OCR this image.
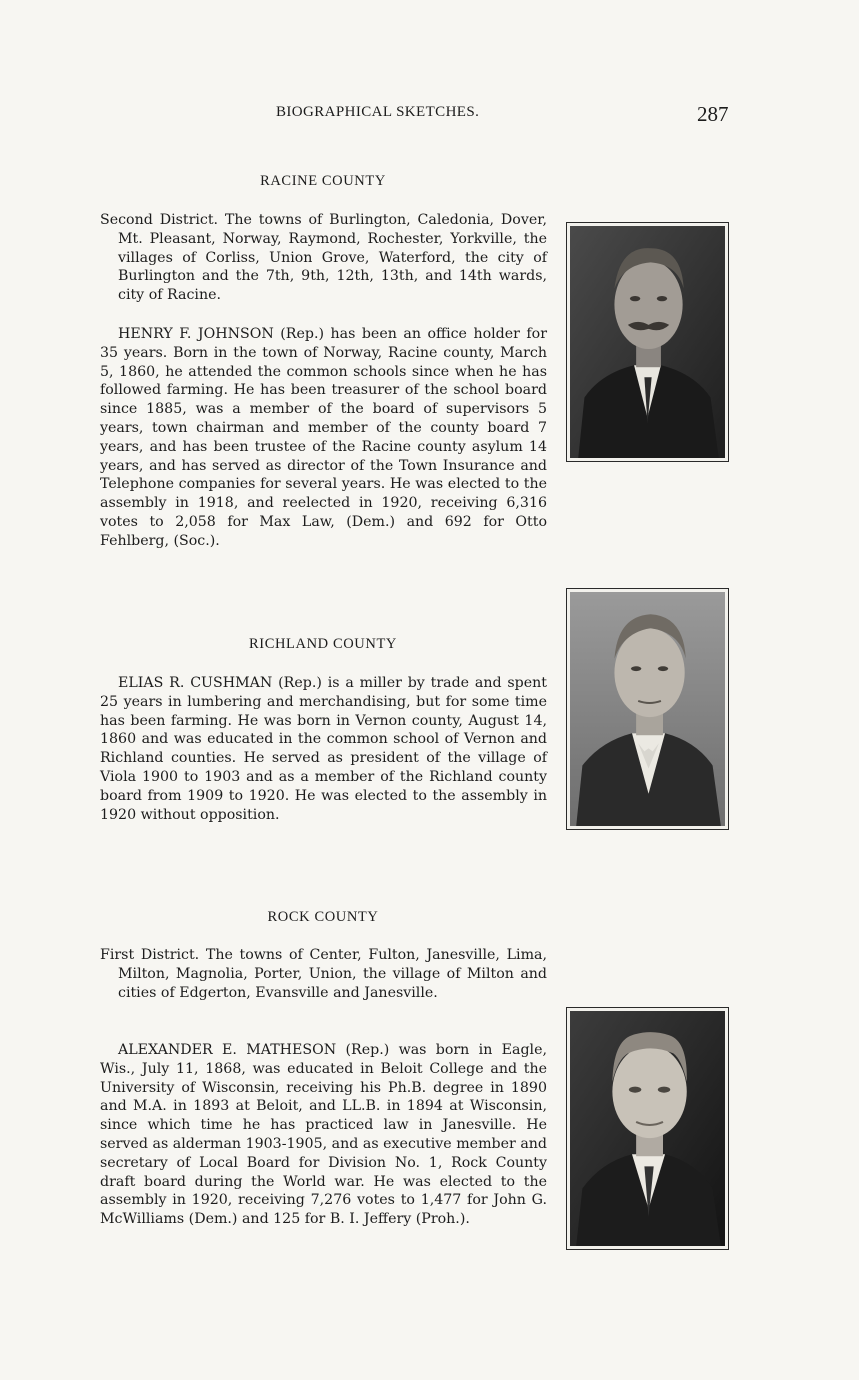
BIOGRAPHICAL SKETCHES.	287
RACINE COUNTY

Second District. The towns of Burlington, Caledonia, Dover, Mt. Pleasant, Norway, Raymond, Rochester, Yorkville, the villages of Corliss, Union Grove, Waterford, the city of Burlington and the 7th, 9th, 12th, 13th, and 14th wards, city of Racine.

HENRY F. JOHNSON (Rep.) has been an office holder for 35 years. Born in the town of Norway, Racine county, March 5, 1860, he attended the common schools since when he has followed farming. He has been treasurer of the school board since 1885, was a member of the board of supervisors 5 years, town chairman and member of the county board 7 years, and has been trustee of the Racine county asylum 14 years, and has served as director of the Town Insurance and Telephone companies for several years. He was elected to the assembly in 1918, and reelected in 1920, receiving 6,316 votes to 2,058 for Max Law, (Dem.) and 692 for Otto Fehlberg, (Soc.).

RICHLAND COUNTY

ELIAS R. CUSHMAN (Rep.) is a miller by trade and spent 25 years in lumbering and merchandising, but for some time has been farming. He was born in Vernon county, August 14, 1860 and was educated in the common school of Vernon and Richland counties. He served as president of the village of Viola 1900 to 1903 and as a member of the Richland county board from 1909 to 1920. He was elected to the assembly in 1920 without opposition.

ROCK COUNTY

First District. The towns of Center, Fulton, Janesville, Lima, Milton, Magnolia, Porter, Union, the village of Milton and cities of Edgerton, Evansville and Janesville.

ALEXANDER E. MATHESON (Rep.) was born in Eagle, Wis., July 11, 1868, was educated in Beloit College and the University of Wisconsin, receiving his Ph.B. degree in 1890 and M.A. in 1893 at Beloit, and LL.B. in 1894 at Wisconsin, since which time he has practiced law in Janesville. He served as alderman 1903-1905, and as executive member and secretary of Local Board for Division No. 1, Rock County draft board during the World war. He was elected to the assembly in 1920, receiving 7,276 votes to 1,477 for John G. McWilliams (Dem.) and 125 for B. I. Jeffery (Proh.).
